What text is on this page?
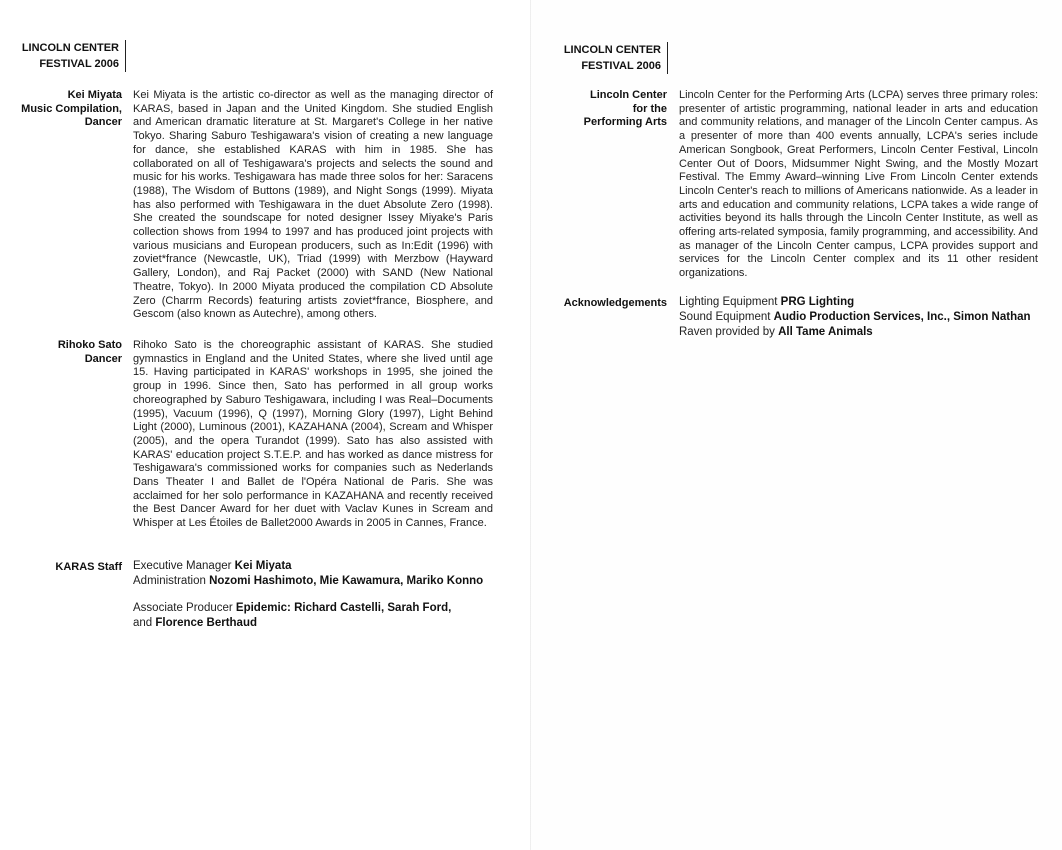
LINCOLN CENTER
FESTIVAL 2006
Kei Miyata
Music Compilation,
Dancer

Kei Miyata is the artistic co-director as well as the managing director of KARAS, based in Japan and the United Kingdom. She studied English and American dramatic literature at St. Margaret's College in her native Tokyo. Sharing Saburo Teshigawara's vision of creating a new language for dance, she established KARAS with him in 1985. She has collaborated on all of Teshigawara's projects and selects the sound and music for his works. Teshigawara has made three solos for her: Saracens (1988), The Wisdom of Buttons (1989), and Night Songs (1999). Miyata has also performed with Teshigawara in the duet Absolute Zero (1998). She created the soundscape for noted designer Issey Miyake's Paris collection shows from 1994 to 1997 and has produced joint projects with various musicians and European producers, such as In:Edit (1996) with zoviet*france (Newcastle, UK), Triad (1999) with Merzbow (Hayward Gallery, London), and Raj Packet (2000) with SAND (New National Theatre, Tokyo). In 2000 Miyata produced the compilation CD Absolute Zero (Charrm Records) featuring artists zoviet*france, Biosphere, and Gescom (also known as Autechre), among others.

Rihoko Sato
Dancer

Rihoko Sato is the choreographic assistant of KARAS. She studied gymnastics in England and the United States, where she lived until age 15. Having participated in KARAS' workshops in 1995, she joined the group in 1996. Since then, Sato has performed in all group works choreographed by Saburo Teshigawara, including I was Real–Documents (1995), Vacuum (1996), Q (1997), Morning Glory (1997), Light Behind Light (2000), Luminous (2001), KAZAHANA (2004), Scream and Whisper (2005), and the opera Turandot (1999). Sato has also assisted with KARAS' education project S.T.E.P. and has worked as dance mistress for Teshigawara's commissioned works for companies such as Nederlands Dans Theater I and Ballet de l'Opéra National de Paris. She was acclaimed for her solo performance in KAZAHANA and recently received the Best Dancer Award for her duet with Vaclav Kunes in Scream and Whisper at Les Étoiles de Ballet2000 Awards in 2005 in Cannes, France.

KARAS Staff Executive Manager Kei Miyata
Administration Nozomi Hashimoto, Mie Kawamura, Mariko Konno
Associate Producer Epidemic: Richard Castelli, Sarah Ford,
and Florence Berthaud
LINCOLN CENTER
FESTIVAL 2006
Lincoln Center
for the
Performing Arts

Lincoln Center for the Performing Arts (LCPA) serves three primary roles: presenter of artistic programming, national leader in arts and education and community relations, and manager of the Lincoln Center campus. As a presenter of more than 400 events annually, LCPA's series include American Songbook, Great Performers, Lincoln Center Festival, Lincoln Center Out of Doors, Midsummer Night Swing, and the Mostly Mozart Festival. The Emmy Award–winning Live From Lincoln Center extends Lincoln Center's reach to millions of Americans nationwide. As a leader in arts and education and community relations, LCPA takes a wide range of activities beyond its halls through the Lincoln Center Institute, as well as offering arts-related symposia, family programming, and accessibility. And as manager of the Lincoln Center campus, LCPA provides support and services for the Lincoln Center complex and its 11 other resident organizations.

Acknowledgements Lighting Equipment PRG Lighting
Sound Equipment Audio Production Services, Inc., Simon Nathan
Raven provided by All Tame Animals
